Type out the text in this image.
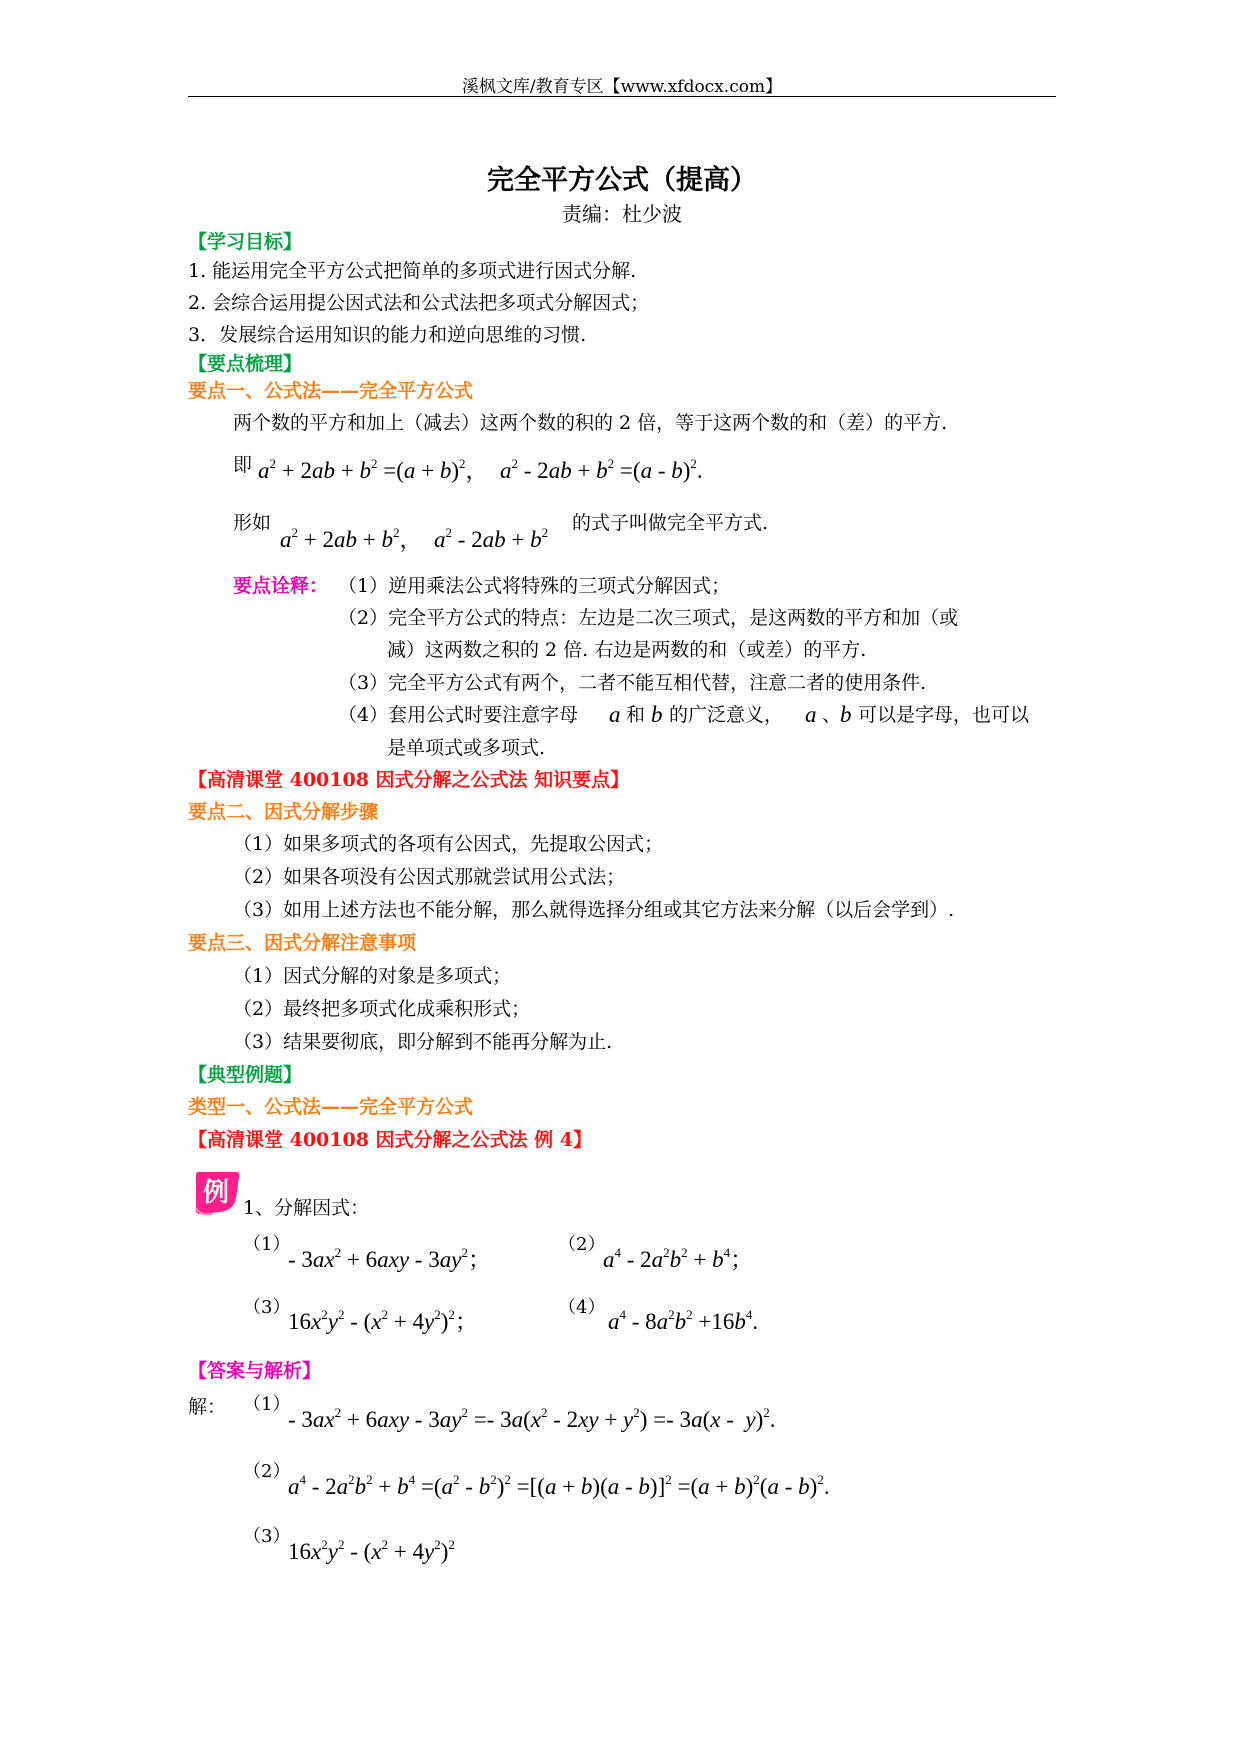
溪枫文库/教育专区【www.xfdocx.com】
完全平方公式（提高）
责编：杜少波
【学习目标】
1. 能运用完全平方公式把简单的多项式进行因式分解.
2. 会综合运用提公因式法和公式法把多项式分解因式；
3．发展综合运用知识的能力和逆向思维的习惯.
【要点梳理】
要点一、公式法——完全平方公式
两个数的平方和加上（减去）这两个数的积的 2 倍，等于这两个数的和（差）的平方.
即 $a^2 + 2ab + b^2 =(a + b)^2$，  $a^2 - 2ab + b^2 =(a - b)^2$.
形如
$a^2 + 2ab + b^2$，  $a^2 - 2ab + b^2$ 的式子叫做完全平方式.
要点诠释： （1）逆用乘法公式将特殊的三项式分解因式；
（2）完全平方公式的特点：左边是二次三项式，是这两数的平方和加（或
减）这两数之积的 2 倍. 右边是两数的和（或差）的平方.
（3）完全平方公式有两个，二者不能互相代替，注意二者的使用条件.
（4）套用公式时要注意字母 a 和 b 的广泛意义， a 、
b 可以是字母，也可以
是单项式或多项式.
【高清课堂 400108 因式分解之公式法 知识要点】
要点二、因式分解步骤
（1）如果多项式的各项有公因式，先提取公因式；
（2）如果各项没有公因式那就尝试用公式法；
（3）如用上述方法也不能分解，那么就得选择分组或其它方法来分解（以后会学到）.
要点三、因式分解注意事项
（1）因式分解的对象是多项式；
（2）最终把多项式化成乘积形式；
（3）结果要彻底，即分解到不能再分解为止.
【典型例题】
类型一、公式法——完全平方公式
【高清课堂 400108 因式分解之公式法 例 4】
例 1、分解因式：
（1）
- $3ax^2 + 6axy - 3ay^2$；
（2）
$a^4 - 2a^2b^2 + b^4$；
（3）
$16x^2y^2 - (x^2 + 4y^2)^2$；
（4）
$a^4 - 8a^2b^2 +16b^4$.
【答案与解析】
解： （1）
- $3ax^2 + 6axy - 3ay^2 =- 3a(x^2 - 2xy + y^2) =- 3a(x - y)^2$.
（2）
$a^4 - 2a^2b^2 + b^4 =(a^2 - b^2)^2 =[(a + b)(a - b)]^2 =(a + b)^2(a - b)^2$.
（3）
$16x^2y^2 - (x^2 + 4y^2)^2$
